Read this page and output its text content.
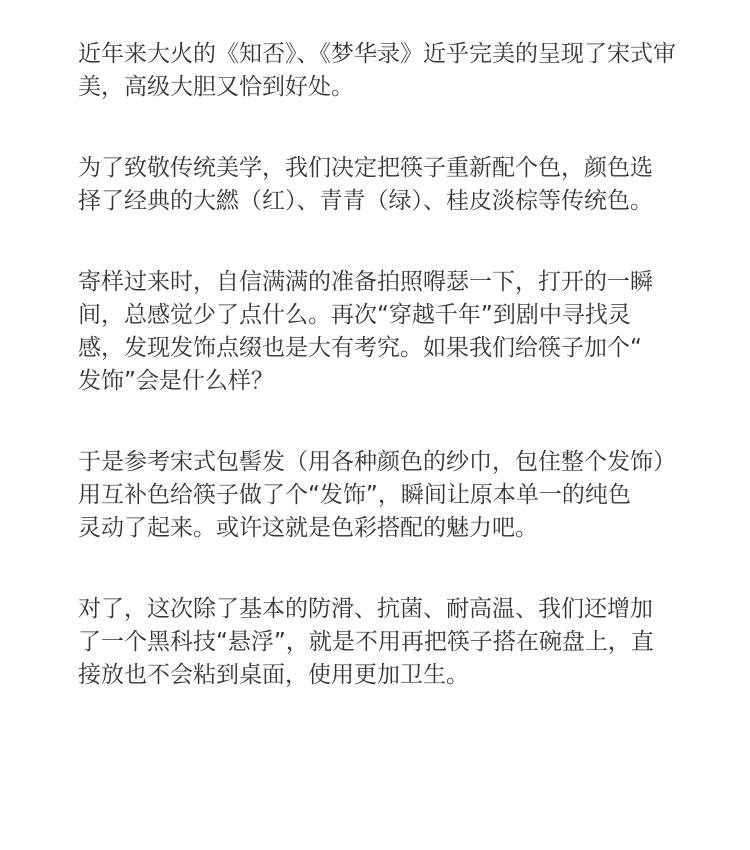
近年来大火的《知否》、《梦华录》近乎完美的呈现了宋式审
美，高级大胆又恰到好处。
为了致敬传统美学，我们决定把筷子重新配个色，颜色选
择了经典的大繎（红）、青青（绿）、桂皮淡棕等传统色。
寄样过来时，自信满满的准备拍照嘚瑟一下，打开的一瞬
间，总感觉少了点什么。再次“穿越千年”到剧中寻找灵
感，发现发饰点缀也是大有考究。如果我们给筷子加个“
发饰”会是什么样？
于是参考宋式包髻发（用各种颜色的纱巾，包住整个发饰）
用互补色给筷子做了个“发饰”，瞬间让原本单一的纯色
灵动了起来。或许这就是色彩搭配的魅力吧。
对了，这次除了基本的防滑、抗菌、耐高温、我们还增加
了一个黑科技“悬浮”，就是不用再把筷子搭在碗盘上，直
接放也不会粘到桌面，使用更加卫生。
